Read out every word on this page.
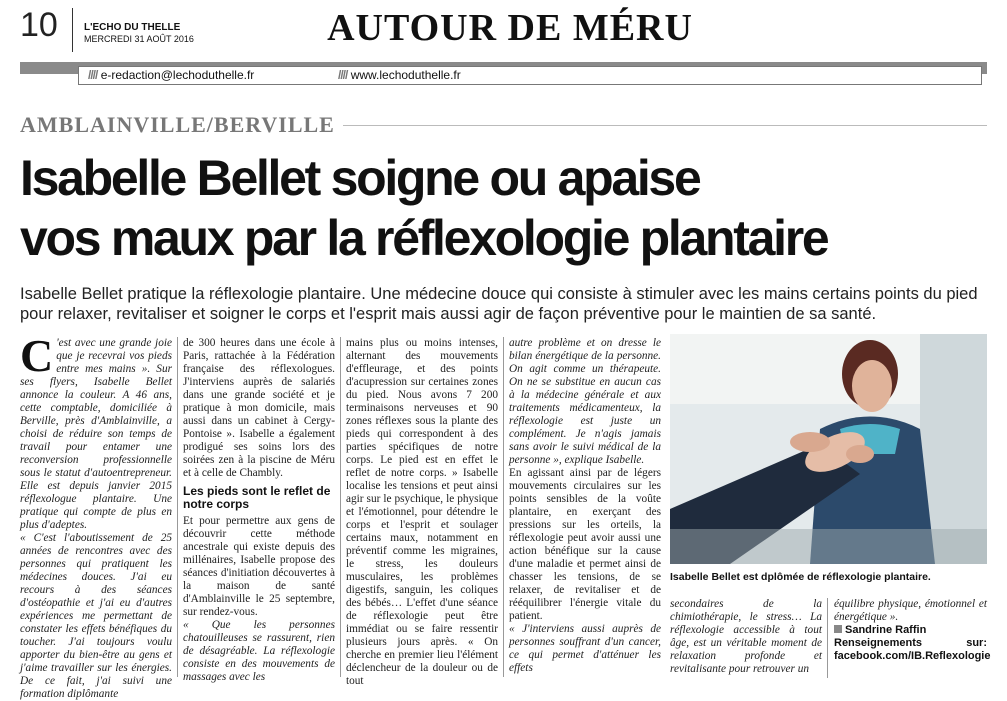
10	L'ECHO DU THELLE
MERCREDI 31 AOÛT 2016	AUTOUR DE MÉRU
//// e-redaction@lechoduthelle.fr	//// www.lechoduthelle.fr
AMBLAINVILLE/BERVILLE
Isabelle Bellet soigne ou apaise
vos maux par la réflexologie plantaire
Isabelle Bellet pratique la réflexologie plantaire. Une médecine douce qui consiste à stimuler avec les mains certains points du pied pour relaxer, revitaliser et soigner le corps et l'esprit mais aussi agir de façon préventive pour le maintien de sa santé.
C 'est avec une grande joie que je recevrai vos pieds entre mes mains ». Sur ses flyers, Isabelle Bellet annonce la couleur. A 46 ans, cette comptable, domiciliée à Berville, près d'Amblainville, a choisi de réduire son temps de travail pour entamer une reconversion professionnelle sous le statut d'autoentrepreneur. Elle est depuis janvier 2015 réflexologue plantaire. Une pratique qui compte de plus en plus d'adeptes.

« C'est l'aboutissement de 25 années de rencontres avec des personnes qui pratiquent les médecines douces. J'ai eu recours à des séances d'ostéopathie et j'ai eu d'autres expériences me permettant de constater les effets bénéfiques du toucher. J'ai toujours voulu apporter du bien-être au gens et j'aime travailler sur les énergies. De ce fait, j'ai suivi une formation diplômante

de 300 heures dans une école à Paris, rattachée à la Fédération française des réflexologues. J'interviens auprès de salariés dans une grande société et je pratique à mon domicile, mais aussi dans un cabinet à Cergy-Pontoise ». Isabelle a également prodigué ses soins lors des soirées zen à la piscine de Méru et à celle de Chambly.

Les pieds sont le reflet de notre corps

Et pour permettre aux gens de découvrir cette méthode ancestrale qui existe depuis des millénaires, Isabelle propose des séances d'initiation découvertes à la maison de santé d'Amblainville le 25 septembre, sur rendez-vous.

« Que les personnes chatouilleuses se rassurent, rien de désagréable. La réflexologie consiste en des mouvements de massages avec les

mains plus ou moins intenses, alternant des mouvements d'effleurage, et des points d'acupression sur certaines zones du pied. Nous avons 7 200 terminaisons nerveuses et 90 zones réflexes sous la plante des pieds qui correspondent à des parties spécifiques de notre corps. Le pied est en effet le reflet de notre corps. » Isabelle localise les tensions et peut ainsi agir sur le psychique, le physique et l'émotionnel, pour détendre le corps et l'esprit et soulager certains maux, notamment en préventif comme les migraines, le stress, les douleurs musculaires, les problèmes digestifs, sanguin, les coliques des bébés… L'effet d'une séance de réflexologie peut être immédiat ou se faire ressentir plusieurs jours après. « On cherche en premier lieu l'élément déclencheur de la douleur ou de tout

autre problème et on dresse le bilan énergétique de la personne. On agit comme un thérapeute. On ne se substitue en aucun cas à la médecine générale et aux traitements médicamenteux, la réflexologie est juste un complément. Je n'agis jamais sans avoir le suivi médical de la personne », explique Isabelle.

En agissant ainsi par de légers mouvements circulaires sur les points sensibles de la voûte plantaire, en exerçant des pressions sur les orteils, la réflexologie peut avoir aussi une action bénéfique sur la cause d'une maladie et permet ainsi de chasser les tensions, de se relaxer, de revitaliser et de rééquilibrer l'énergie vitale du patient.

« J'interviens aussi auprès de personnes souffrant d'un cancer, ce qui permet d'atténuer les effets

Isabelle Bellet est dplômée de réflexologie plantaire.

secondaires de la chimiothérapie, le stress… La réflexologie accessible à tout âge, est un véritable moment de relaxation profonde et revitalisante pour retrouver un

équilibre physique, émotionnel et énergétique ».

Sandrine Raffin
Renseignements	sur:
facebook.com/IB.Reflexologie
